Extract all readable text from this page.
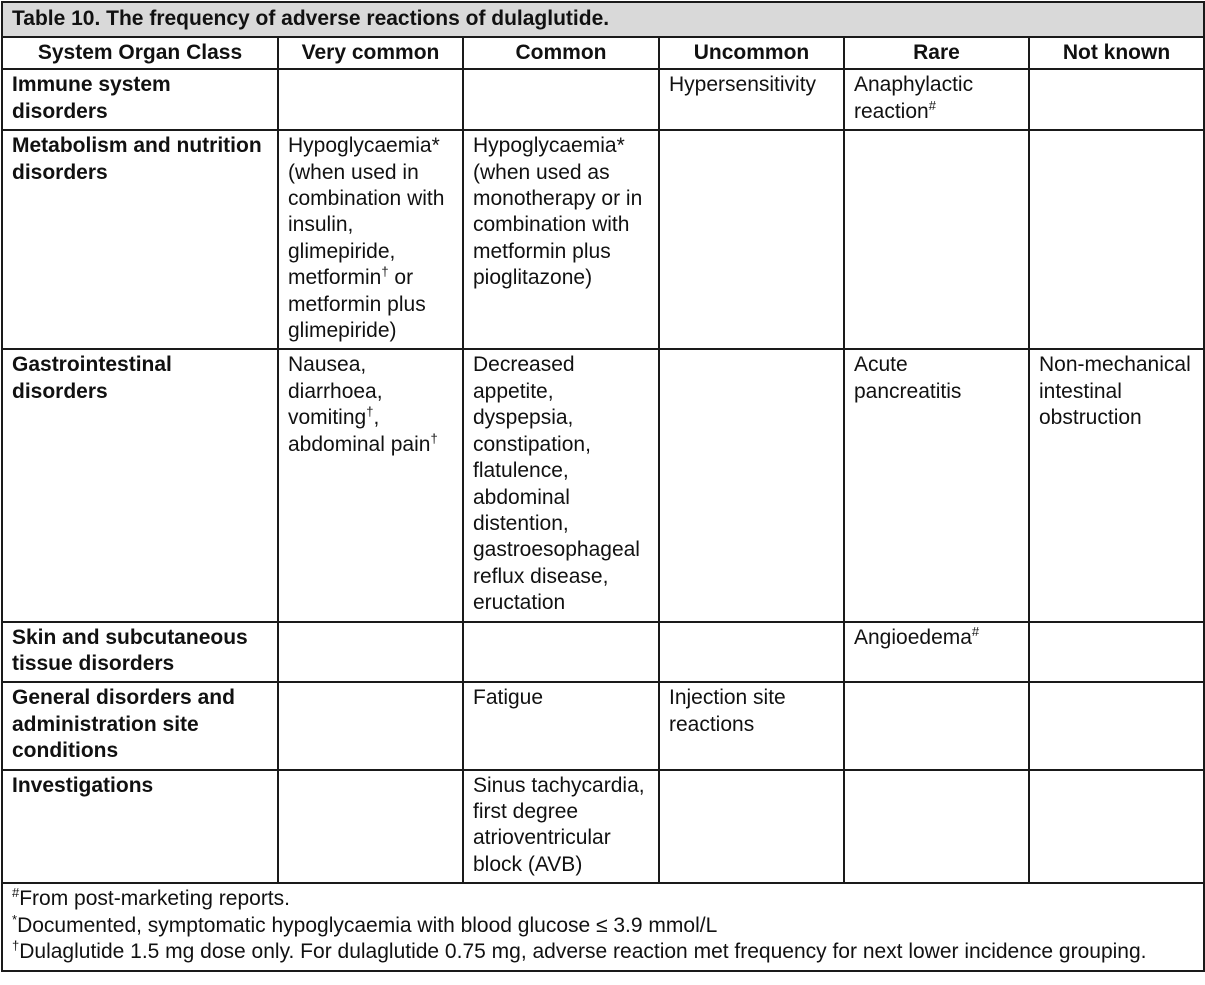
Table 10. The frequency of adverse reactions of dulaglutide.					
System Organ Class	Very common	Common	Uncommon	Rare	Not known
Immune system disorders			Hypersensitivity	Anaphylactic reaction#	
Metabolism and nutrition disorders	Hypoglycaemia* (when used in combination with insulin, glimepiride, metformin† or metformin plus glimepiride)	Hypoglycaemia* (when used as monotherapy or in combination with metformin plus pioglitazone)			
Gastrointestinal disorders	Nausea, diarrhoea, vomiting†, abdominal pain†	Decreased appetite, dyspepsia, constipation, flatulence, abdominal distention, gastroesophageal reflux disease, eructation		Acute pancreatitis	Non-mechanical intestinal obstruction
Skin and subcutaneous tissue disorders				Angioedema#	
General disorders and administration site conditions		Fatigue	Injection site reactions		
Investigations		Sinus tachycardia, first degree atrioventricular block (AVB)			

#From post-marketing reports.
*Documented, symptomatic hypoglycaemia with blood glucose ≤ 3.9 mmol/L
†Dulaglutide 1.5 mg dose only. For dulaglutide 0.75 mg, adverse reaction met frequency for next lower incidence grouping.					
